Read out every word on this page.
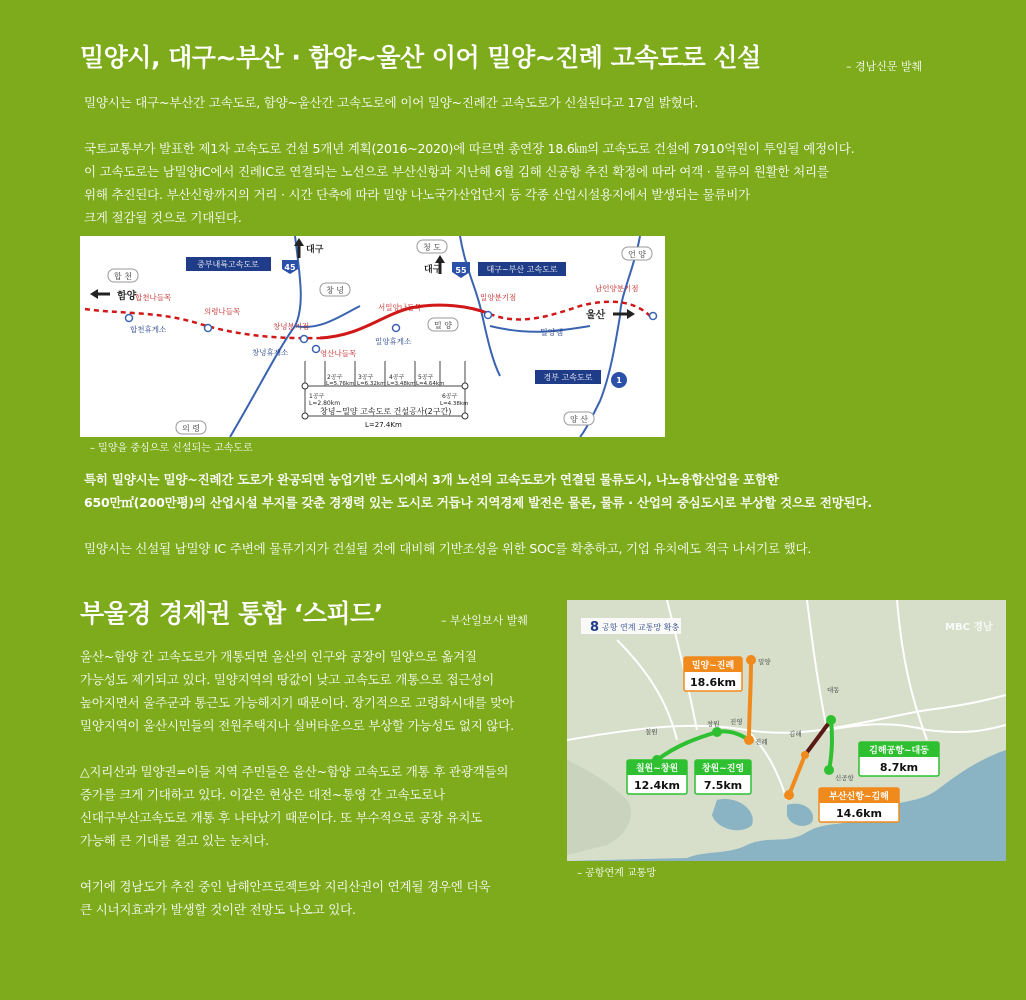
밀양시, 대구~부산 · 함양~울산 이어 밀양~진례 고속도로 신설	– 경남신문 발췌
밀양시는 대구~부산간 고속도로, 함양~울산간 고속도로에 이어 밀양~진례간 고속도로가 신설된다고 17일 밝혔다.
국토교통부가 발표한 제1차 고속도로 건설 5개년 계획(2016~2020)에 따르면 총연장 18.6㎞의 고속도로 건설에 7910억원이 투입될 예정이다.
이 고속도로는 남밀양IC에서 진례IC로 연결되는 노선으로 부산신항과 지난해 6월 김해 신공항 추진 확정에 따라 여객 · 물류의 원활한 처리를
위해 추진된다. 부산신항까지의 거리 · 시간 단축에 따라 밀양 나노국가산업단지 등 각종 산업시설용지에서 발생되는 물류비가
크게 절감될 것으로 기대된다.
합 천
함양
합천나들목
합천휴게소
의령나들목
창녕분기점
창녕휴게소	영산나들목
서밀양나들목
밀양휴게소
밀양분기점
밀 양
창 녕
청 도
중부내륙고속도로	45	대구~부산 고속도로
55
대구
대구
언 양
남언양분기점
울산
밀양댐
경부 고속도로	1
양 산
의 령
1공구
L=2.80km
2공구
L=5.76km
3공구
L=6.32km
4공구
L=3.48km
5공구
L=4.64km
6공구
L=4.38km
창녕~밀양 고속도로 건설공사(2구간)
L=27.4Km
– 밀양을 중심으로 신설되는 고속도로
특히 밀양시는 밀양~진례간 도로가 완공되면 농업기반 도시에서 3개 노선의 고속도로가 연결된 물류도시, 나노융합산업을 포함한
650만㎡(200만평)의 산업시설 부지를 갖춘 경쟁력 있는 도시로 거듭나 지역경제 발전은 물론, 물류 · 산업의 중심도시로 부상할 것으로 전망된다.
밀양시는 신설될 남밀양 IC 주변에 물류기지가 건설될 것에 대비해 기반조성을 위한 SOC를 확충하고, 기업 유치에도 적극 나서기로 했다.
부울경 경제권 통합 ‘스피드’	– 부산일보사 발췌
울산~함양 간 고속도로가 개통되면 울산의 인구와 공장이 밀양으로 옮겨질
가능성도 제기되고 있다. 밀양지역의 땅값이 낮고 고속도로 개통으로 접근성이
높아지면서 울주군과 통근도 가능해지기 때문이다. 장기적으로 고령화시대를 맞아
밀양지역이 울산시민들의 전원주택지나 실버타운으로 부상할 가능성도 없지 않다.
△지리산과 밀양권=이들 지역 주민들은 울산~함양 고속도로 개통 후 관광객들의
증가를 크게 기대하고 있다. 이같은 현상은 대전~통영 간 고속도로나
신대구부산고속도로 개통 후 나타났기 때문이다. 또 부수적으로 공장 유치도
가능해 큰 기대를 걸고 있는 눈치다.
여기에 경남도가 추진 중인 남해안프로젝트와 지리산권이 연계될 경우엔 더욱
큰 시너지효과가 발생할 것이란 전망도 나오고 있다.
8 공항 연계 교통망 확충	MBC 경남
밀양
대동
김해
진례
창원 진영
칠원
신공항
밀양~진례
18.6km
칠원~창원
12.4km
창원~진영
7.5km
김해공항~대동
8.7km
부산신항~김해
14.6km
– 공항연계 교통망
